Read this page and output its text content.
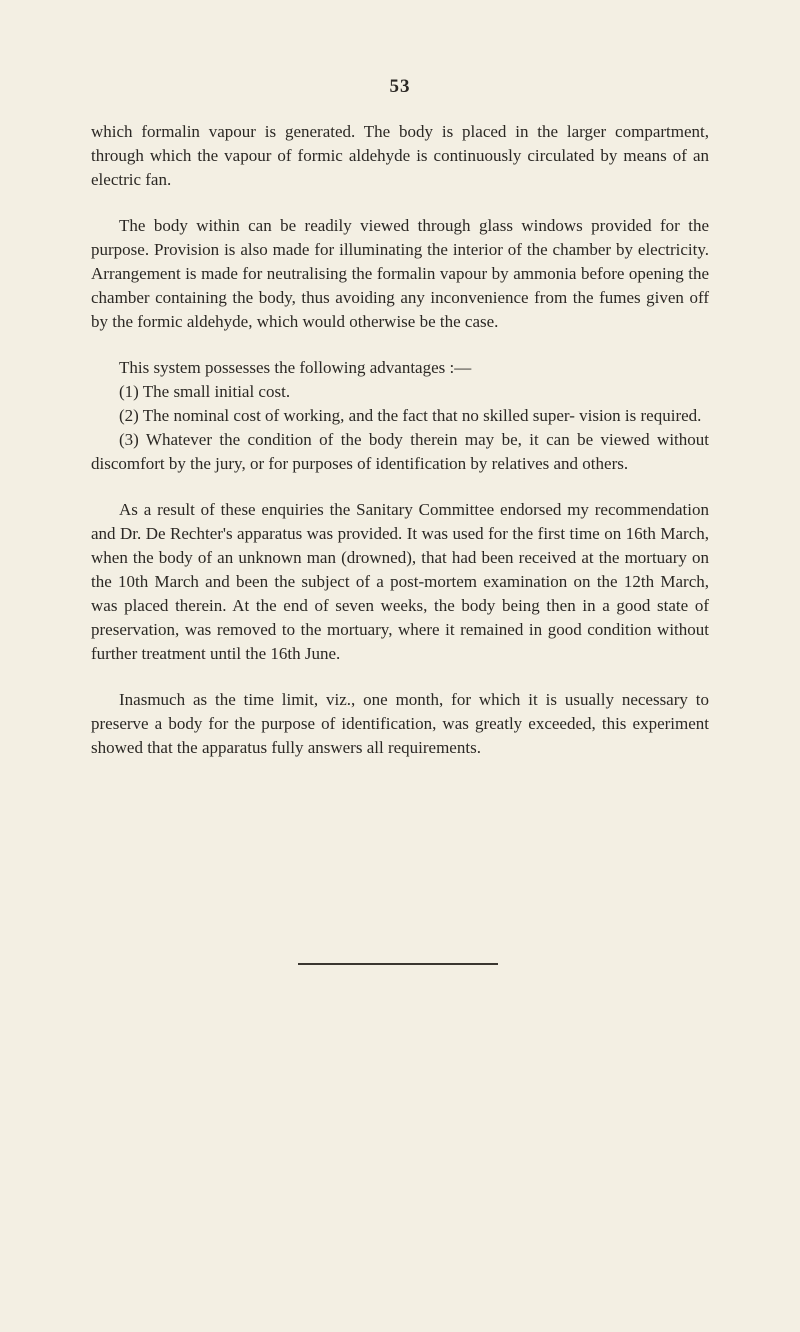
53

which formalin vapour is generated. The body is placed in the larger compartment, through which the vapour of formic aldehyde is continuously circulated by means of an electric fan.

The body within can be readily viewed through glass windows provided for the purpose. Provision is also made for illuminating the interior of the chamber by electricity. Arrangement is made for neutralising the formalin vapour by ammonia before opening the chamber containing the body, thus avoiding any inconvenience from the fumes given off by the formic aldehyde, which would otherwise be the case.

This system possesses the following advantages :—

(1) The small initial cost.

(2) The nominal cost of working, and the fact that no skilled super- vision is required.

(3) Whatever the condition of the body therein may be, it can be viewed without discomfort by the jury, or for purposes of identification by relatives and others.

As a result of these enquiries the Sanitary Committee endorsed my recommendation and Dr. De Rechter's apparatus was provided. It was used for the first time on 16th March, when the body of an unknown man (drowned), that had been received at the mortuary on the 10th March and been the subject of a post-mortem examination on the 12th March, was placed therein. At the end of seven weeks, the body being then in a good state of preservation, was removed to the mortuary, where it remained in good condition without further treatment until the 16th June.

Inasmuch as the time limit, viz., one month, for which it is usually necessary to preserve a body for the purpose of identification, was greatly exceeded, this experiment showed that the apparatus fully answers all requirements.
